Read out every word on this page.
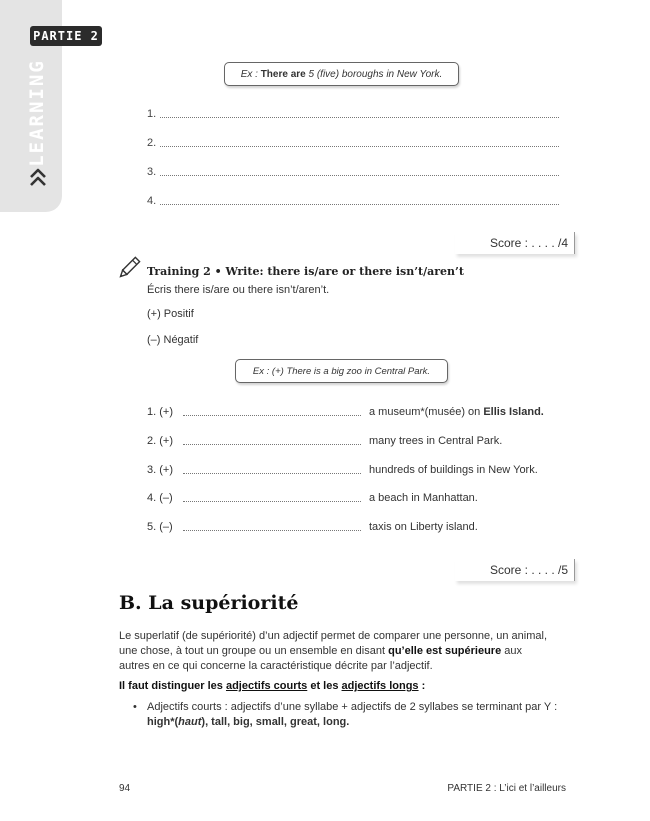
PARTIE 2
LEARNING	Ex : There are 5 (five) boroughs in New York.
1.
2.
3.
4.
Score : . . . . /4
Training 2 • Write: there is/are or there isn’t/aren’t
Écris there is/are ou there isn’t/aren’t.
(+) Positif
(–) Négatif
Ex : (+) There is a big zoo in Central Park.
1. (+)	a museum*(musée) on Ellis Island.
2. (+)	many trees in Central Park.
3. (+)	hundreds of buildings in New York.
4. (–)	a beach in Manhattan.
5. (–)	taxis on Liberty island.
Score : . . . . /5
B. La supériorité
Le superlatif (de supériorité) d’un adjectif permet de comparer une personne, un animal, une chose, à tout un groupe ou un ensemble en disant qu’elle est supérieure aux autres en ce qui concerne la caractéristique décrite par l’adjectif.
Il faut distinguer les adjectifs courts et les adjectifs longs :
• Adjectifs courts : adjectifs d’une syllabe + adjectifs de 2 syllabes se terminant par Y : high*(haut), tall, big, small, great, long.
94	PARTIE 2 : L’ici et l’ailleurs
